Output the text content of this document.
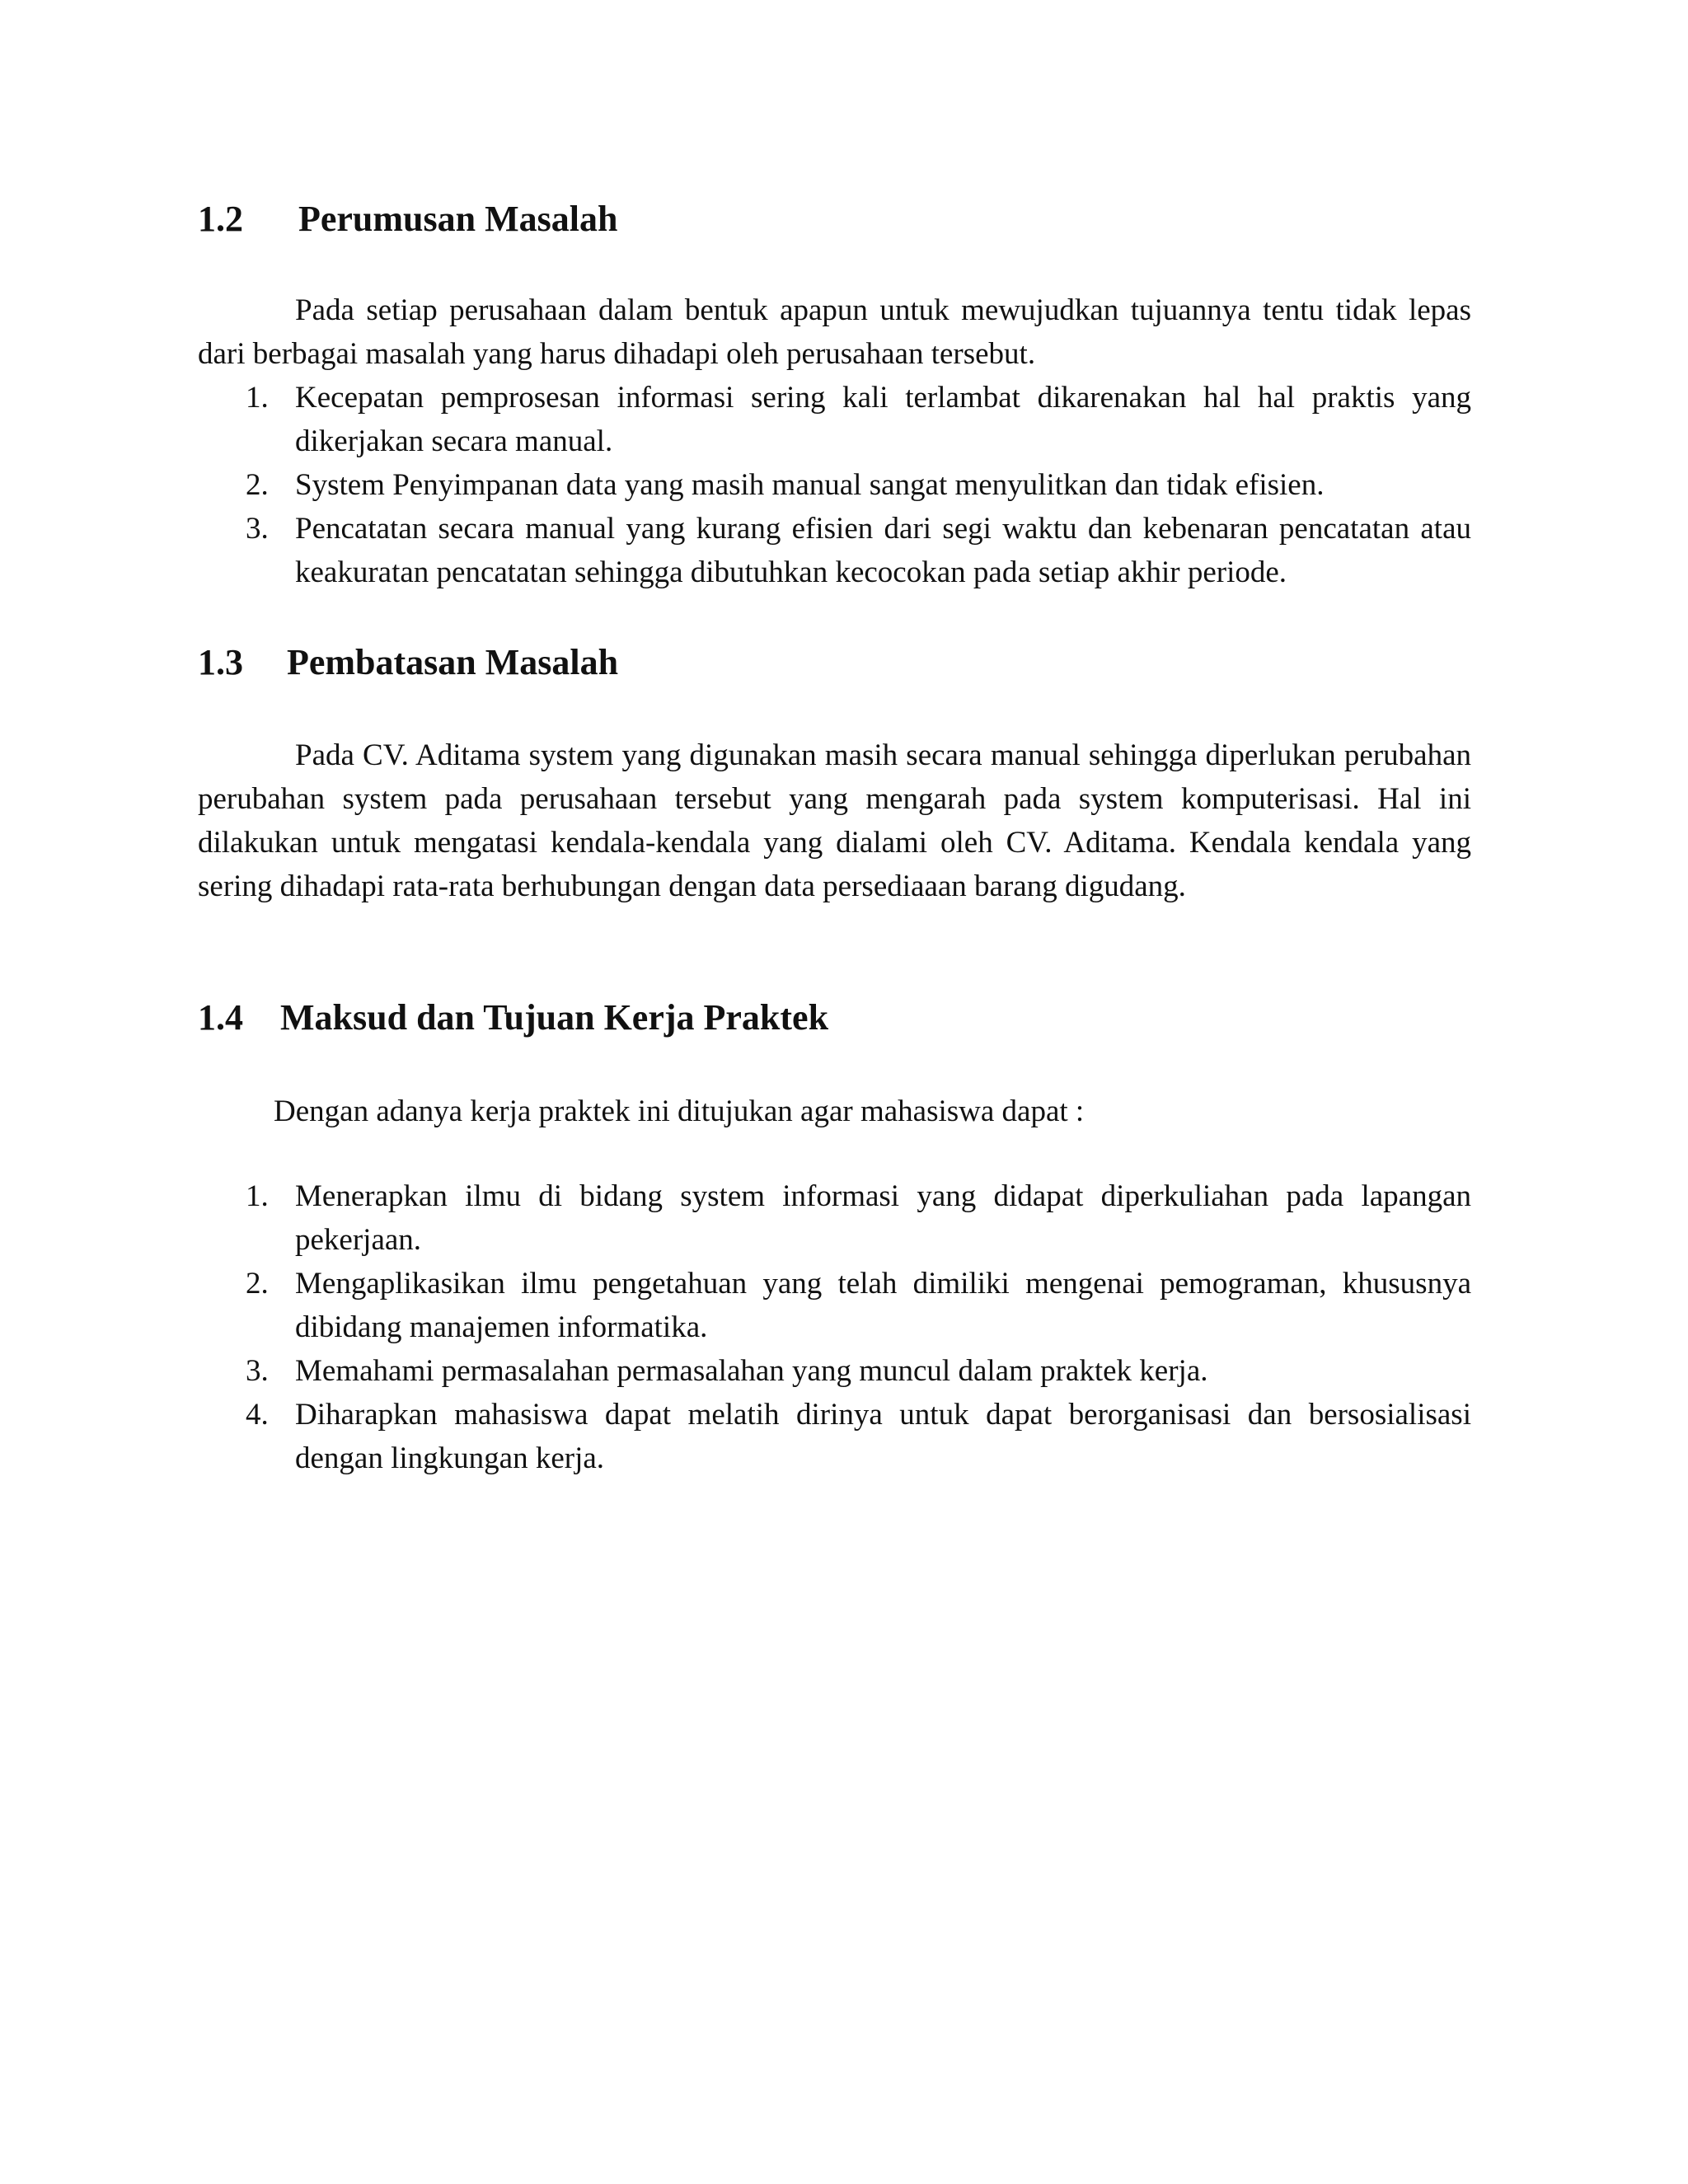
1.2 Perumusan Masalah

Pada setiap perusahaan dalam bentuk apapun untuk mewujudkan tujuannya tentu tidak lepas dari berbagai masalah yang harus dihadapi oleh perusahaan tersebut.

1. Kecepatan pemprosesan informasi sering kali terlambat dikarenakan hal hal praktis yang dikerjakan secara manual.
2. System Penyimpanan data yang masih manual sangat menyulitkan dan tidak efisien.
3. Pencatatan secara manual yang kurang efisien dari segi waktu dan kebenaran pencatatan atau keakuratan pencatatan sehingga dibutuhkan kecocokan pada setiap akhir periode.
1.3 Pembatasan Masalah

Pada CV. Aditama system yang digunakan masih secara manual sehingga diperlukan perubahan perubahan system pada perusahaan tersebut yang mengarah pada system komputerisasi. Hal ini dilakukan untuk mengatasi kendala-kendala yang dialami oleh CV. Aditama. Kendala kendala yang sering dihadapi rata-rata berhubungan dengan data persediaaan barang digudang.

1.4 Maksud dan Tujuan Kerja Praktek

Dengan adanya kerja praktek ini ditujukan agar mahasiswa dapat :

1. Menerapkan ilmu di bidang system informasi yang didapat diperkuliahan pada lapangan pekerjaan.
2. Mengaplikasikan ilmu pengetahuan yang telah dimiliki mengenai pemograman, khususnya dibidang manajemen informatika.
3. Memahami permasalahan permasalahan yang muncul dalam praktek kerja.
4. Diharapkan mahasiswa dapat melatih dirinya untuk dapat berorganisasi dan bersosialisasi dengan lingkungan kerja.
